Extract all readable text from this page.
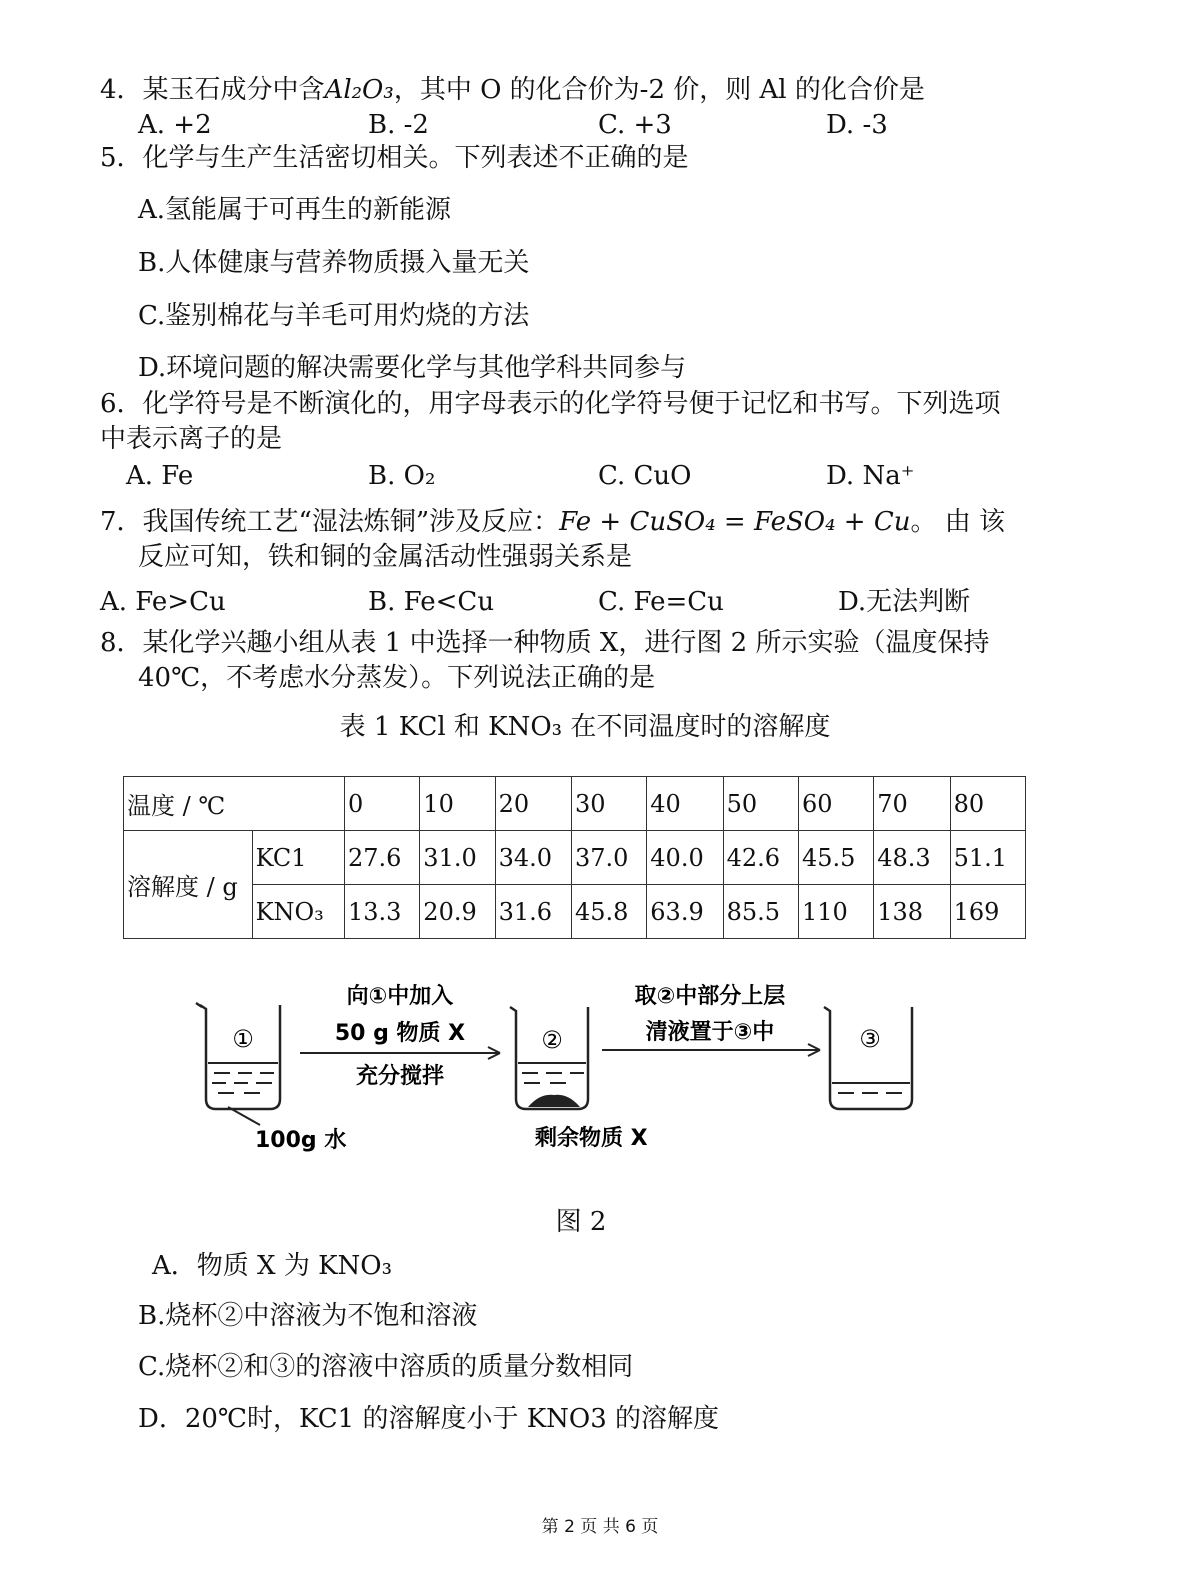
4．某玉石成分中含Al₂O₃，其中 O 的化合价为-2 价，则 Al 的化合价是
A. +2	B. -2	C. +3	D. -3
5．化学与生产生活密切相关。下列表述不正确的是
A.氢能属于可再生的新能源
B.人体健康与营养物质摄入量无关
C.鉴别棉花与羊毛可用灼烧的方法
D.环境问题的解决需要化学与其他学科共同参与
6．化学符号是不断演化的，用字母表示的化学符号便于记忆和书写。下列选项
中表示离子的是
A. Fe	B. O₂	C. CuO	D. Na⁺
7．我国传统工艺“湿法炼铜”涉及反应：Fe + CuSO₄ = FeSO₄ + Cu。 由 该
反应可知，铁和铜的金属活动性强弱关系是
A. Fe>Cu	B. Fe<Cu	C. Fe=Cu	D.无法判断
8．某化学兴趣小组从表 1 中选择一种物质 X，进行图 2 所示实验（温度保持
40℃，不考虑水分蒸发）。下列说法正确的是
表 1 KCl 和 KNO₃ 在不同温度时的溶解度
温度 / ℃		0	10	20	30	40	50	60	70	80
溶解度 / g	KC1	27.6	31.0	34.0	37.0	40.0	42.6	45.5	48.3	51.1
	KNO₃	13.3	20.9	31.6	45.8	63.9	85.5	110	138	169
①
100g 水
向①中加入
50 g 物质 X
充分搅拌
②
剩余物质 X
取②中部分上层
清液置于③中	③
图 2
A．物质 X 为 KNO₃
B.烧杯②中溶液为不饱和溶液
C.烧杯②和③的溶液中溶质的质量分数相同
D．20℃时，KC1 的溶解度小于 KNO3 的溶解度
第 2 页 共 6 页
